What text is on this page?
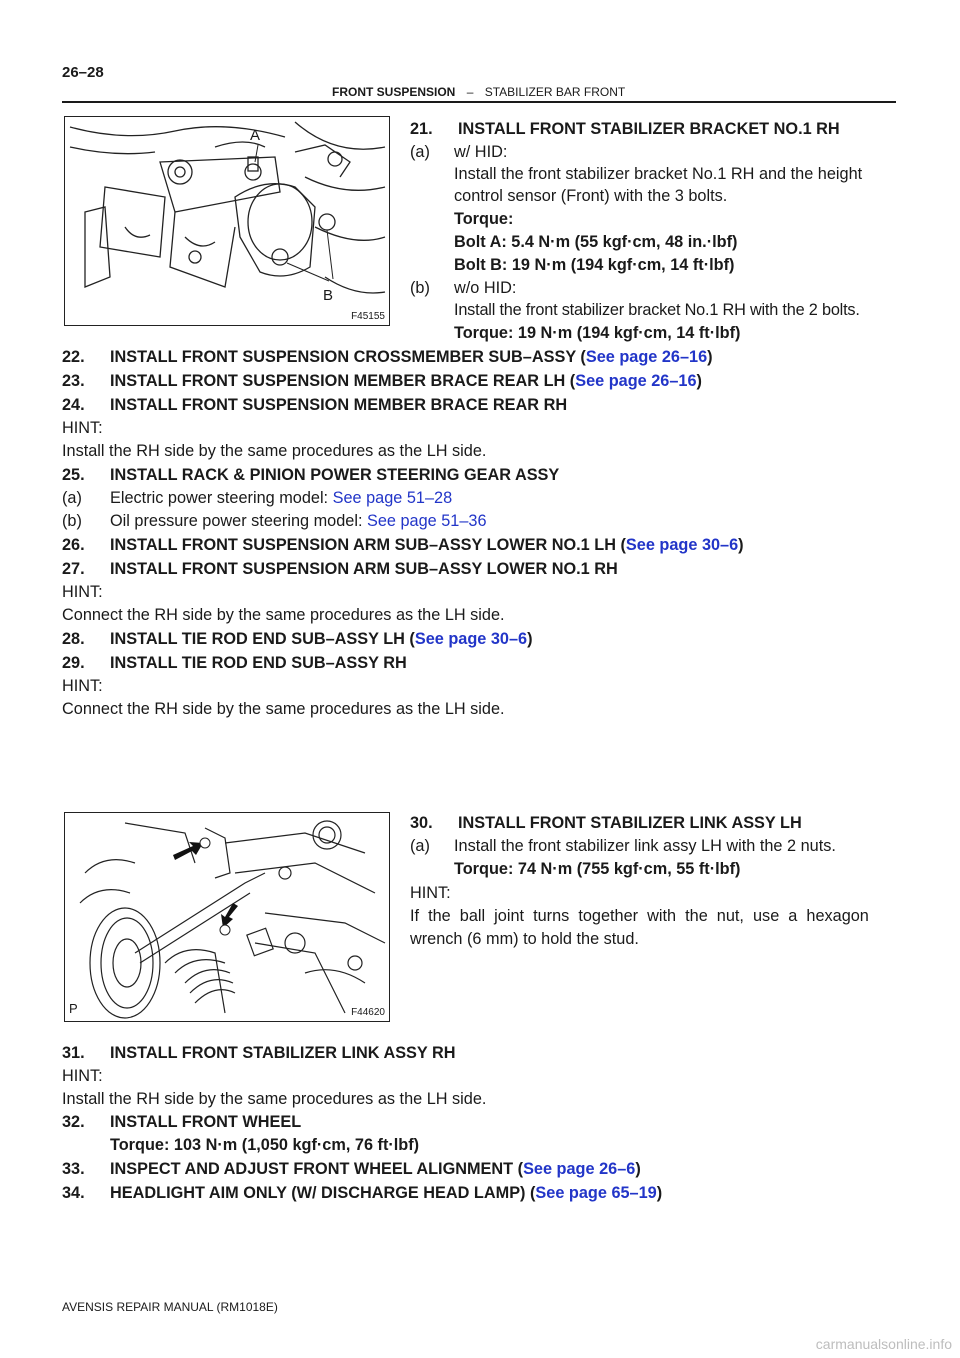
26–28
FRONT SUSPENSION – STABILIZER BAR FRONT
A
B
F45155
21. INSTALL FRONT STABILIZER BRACKET NO.1 RH
(a) w/ HID:
Install the front stabilizer bracket No.1 RH and the height
control sensor (Front) with the 3 bolts.
Torque:
Bolt A: 5.4 N·m (55 kgf·cm, 48 in.·lbf)
Bolt B: 19 N·m (194 kgf·cm, 14 ft·lbf)
(b) w/o HID:
Install the front stabilizer bracket No.1 RH with the 2 bolts.
Torque: 19 N·m (194 kgf·cm, 14 ft·lbf)
22. INSTALL FRONT SUSPENSION CROSSMEMBER SUB–ASSY (See page 26–16)
23. INSTALL FRONT SUSPENSION MEMBER BRACE REAR LH (See page 26–16)
24. INSTALL FRONT SUSPENSION MEMBER BRACE REAR RH
HINT:
Install the RH side by the same procedures as the LH side.
25. INSTALL RACK & PINION POWER STEERING GEAR ASSY
(a) Electric power steering model: See page 51–28
(b) Oil pressure power steering model: See page 51–36
26. INSTALL FRONT SUSPENSION ARM SUB–ASSY LOWER NO.1 LH (See page 30–6)
27. INSTALL FRONT SUSPENSION ARM SUB–ASSY LOWER NO.1 RH
HINT:
Connect the RH side by the same procedures as the LH side.
28. INSTALL TIE ROD END SUB–ASSY LH (See page 30–6)
29. INSTALL TIE ROD END SUB–ASSY RH
HINT:
Connect the RH side by the same procedures as the LH side.
P	F44620
30. INSTALL FRONT STABILIZER LINK ASSY LH
(a) Install the front stabilizer link assy LH with the 2 nuts.
Torque: 74 N·m (755 kgf·cm, 55 ft·lbf)
HINT:
If  the  ball  joint  turns  together  with  the  nut,  use  a  hexagon
wrench (6 mm) to hold the stud.
31. INSTALL FRONT STABILIZER LINK ASSY RH
HINT:
Install the RH side by the same procedures as the LH side.
32. INSTALL FRONT WHEEL
Torque: 103 N·m (1,050 kgf·cm, 76 ft·lbf)
33. INSPECT AND ADJUST FRONT WHEEL ALIGNMENT (See page 26–6)
34. HEADLIGHT AIM ONLY (W/ DISCHARGE HEAD LAMP) (See page 65–19)
AVENSIS REPAIR MANUAL (RM1018E)
carmanualsonline.info
